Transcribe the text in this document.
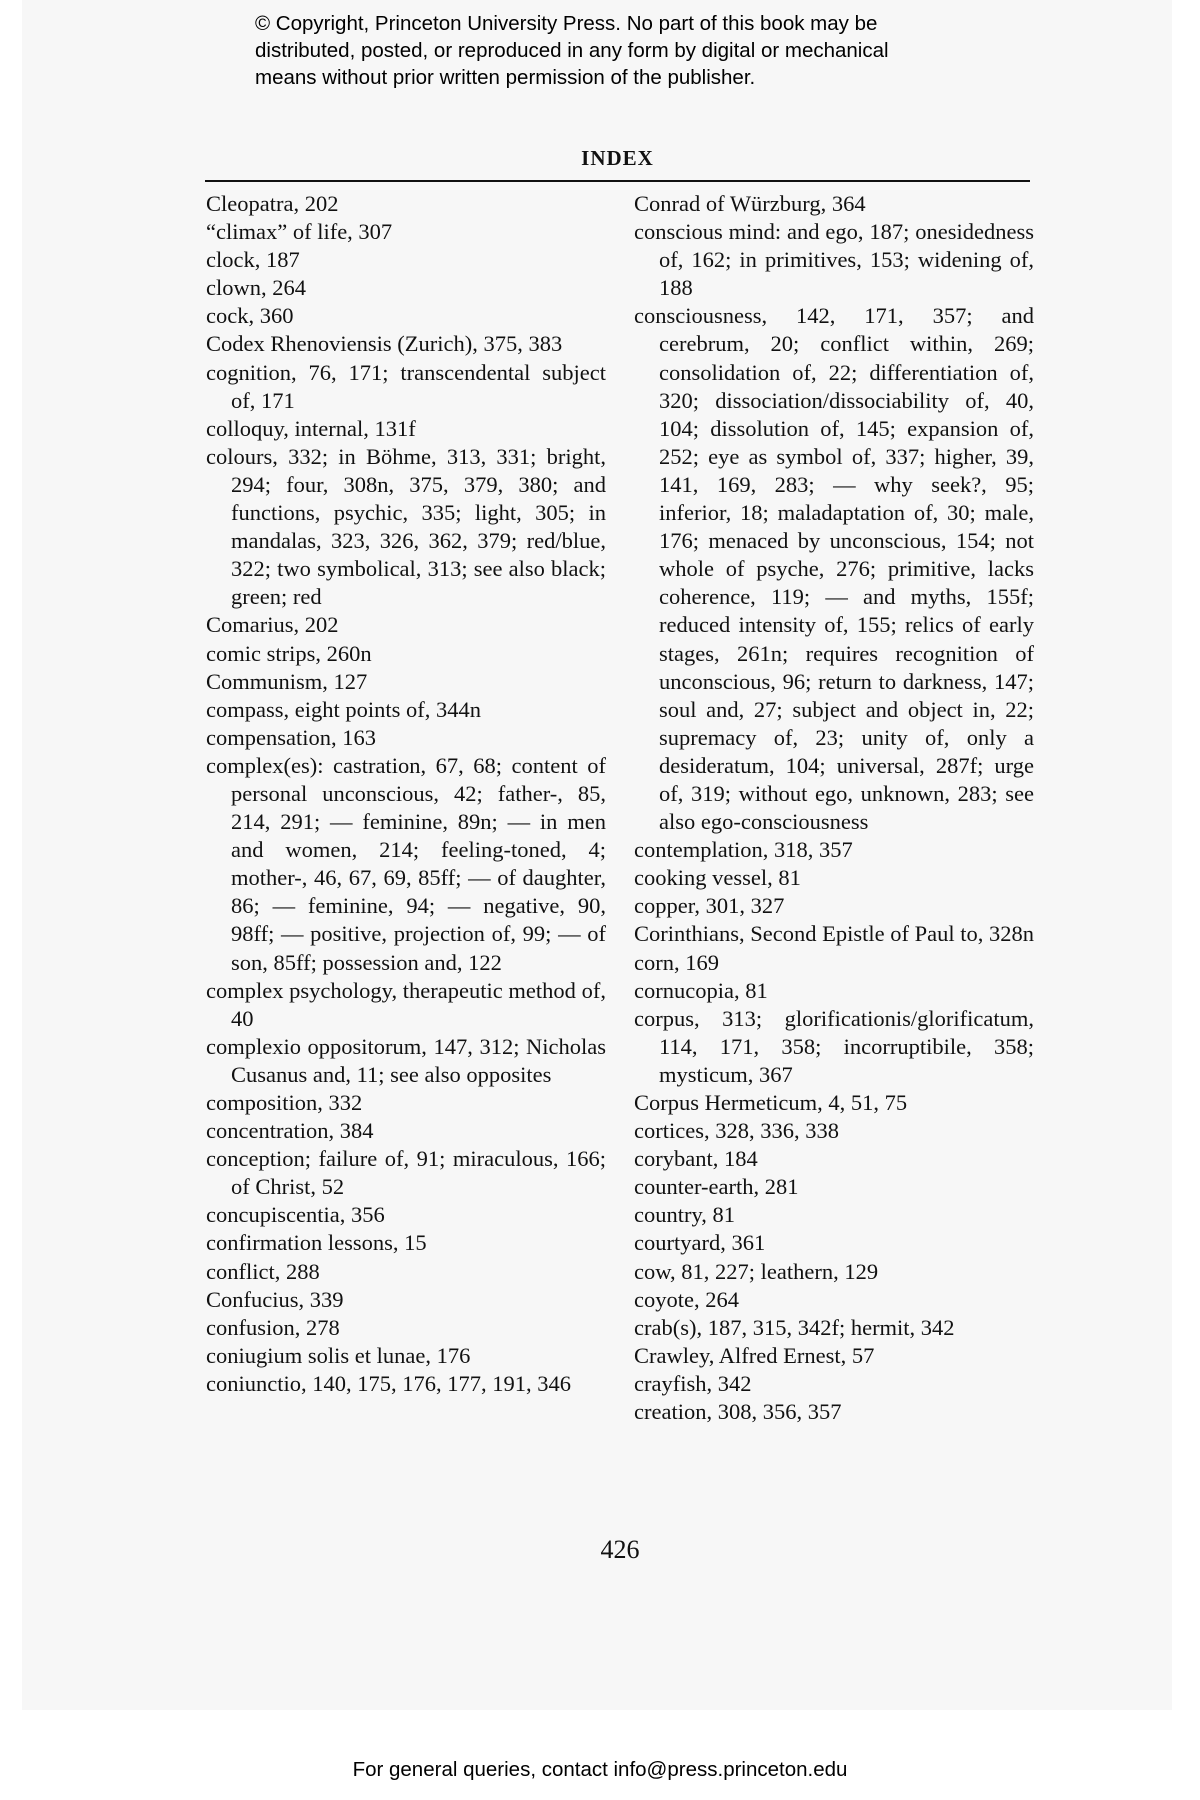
© Copyright, Princeton University Press. No part of this book may be
distributed, posted, or reproduced in any form by digital or mechanical
means without prior written permission of the publisher.
INDEX

Cleopatra, 202

“climax” of life, 307

clock, 187

clown, 264

cock, 360

Codex Rhenoviensis (Zurich), 375, 383

cognition, 76, 171; transcendental subject of, 171

colloquy, internal, 131f

colours, 332; in Böhme, 313, 331; bright, 294; four, 308n, 375, 379, 380; and functions, psychic, 335; light, 305; in mandalas, 323, 326, 362, 379; red/blue, 322; two symbolical, 313; see also black; green; red

Comarius, 202

comic strips, 260n

Communism, 127

compass, eight points of, 344n

compensation, 163

complex(es): castration, 67, 68; content of personal unconscious, 42; father-, 85, 214, 291; — feminine, 89n; — in men and women, 214; feeling-toned, 4; mother-, 46, 67, 69, 85ff; — of daughter, 86; — feminine, 94; — negative, 90, 98ff; — positive, projection of, 99; — of son, 85ff; possession and, 122

complex psychology, therapeutic method of, 40

complexio oppositorum, 147, 312; Nicholas Cusanus and, 11; see also opposites

composition, 332

concentration, 384

conception; failure of, 91; miraculous, 166; of Christ, 52

concupiscentia, 356

confirmation lessons, 15

conflict, 288

Confucius, 339

confusion, 278

coniugium solis et lunae, 176

coniunctio, 140, 175, 176, 177, 191, 346

Conrad of Würzburg, 364

conscious mind: and ego, 187; onesidedness of, 162; in primitives, 153; widening of, 188

consciousness, 142, 171, 357; and cerebrum, 20; conflict within, 269; consolidation of, 22; differentiation of, 320; dissociation/dissociability of, 40, 104; dissolution of, 145; expansion of, 252; eye as symbol of, 337; higher, 39, 141, 169, 283; — why seek?, 95; inferior, 18; maladaptation of, 30; male, 176; menaced by unconscious, 154; not whole of psyche, 276; primitive, lacks coherence, 119; — and myths, 155f; reduced intensity of, 155; relics of early stages, 261n; requires recognition of unconscious, 96; return to darkness, 147; soul and, 27; subject and object in, 22; supremacy of, 23; unity of, only a desideratum, 104; universal, 287f; urge of, 319; without ego, unknown, 283; see also ego-consciousness

contemplation, 318, 357

cooking vessel, 81

copper, 301, 327

Corinthians, Second Epistle of Paul to, 328n

corn, 169

cornucopia, 81

corpus, 313; glorificationis/glorificatum, 114, 171, 358; incorruptibile, 358; mysticum, 367

Corpus Hermeticum, 4, 51, 75

cortices, 328, 336, 338

corybant, 184

counter-earth, 281

country, 81

courtyard, 361

cow, 81, 227; leathern, 129

coyote, 264

crab(s), 187, 315, 342f; hermit, 342

Crawley, Alfred Ernest, 57

crayfish, 342

creation, 308, 356, 357

426
For general queries, contact info@press.princeton.edu
